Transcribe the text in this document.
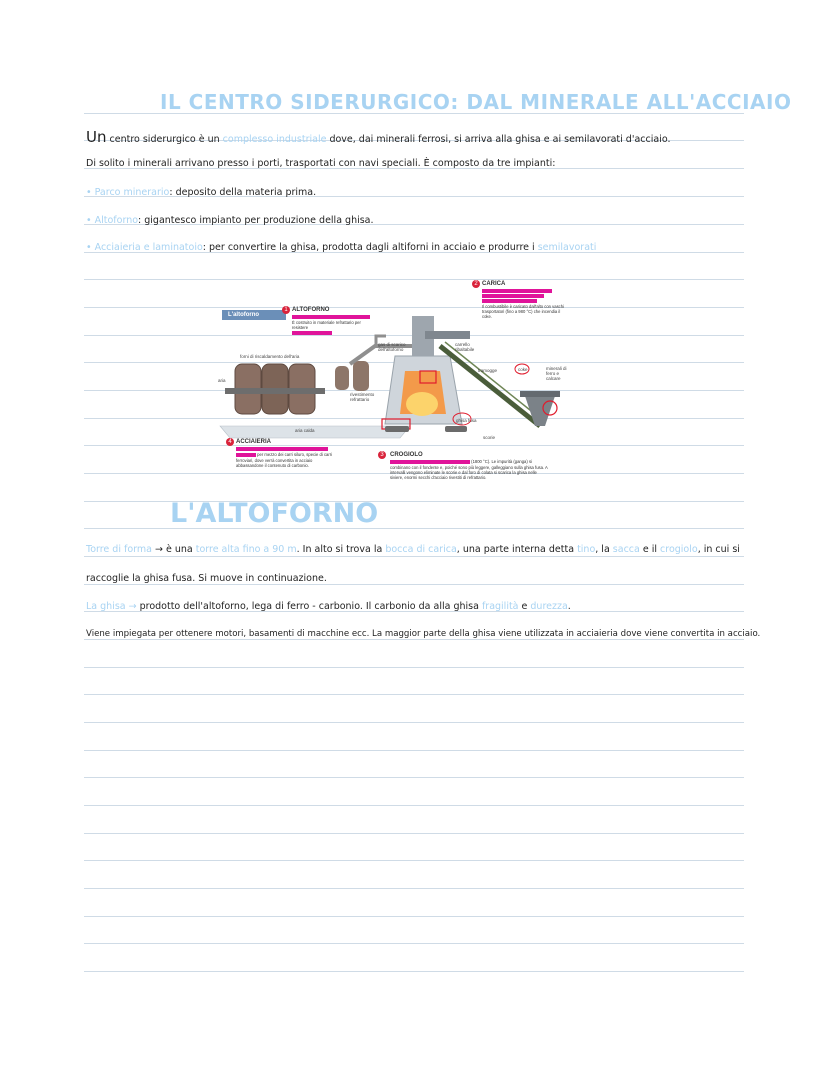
IL CENTRO SIDERURGICO: DAL MINERALE ALL'ACCIAIO
Un centro siderurgico è un complesso industriale dove, dai minerali ferrosi, si arriva alla ghisa e ai semilavorati d'acciaio.
Di solito i minerali arrivano presso i porti, trasportati con navi speciali. È composto da tre impianti:
• Parco minerario: deposito della materia prima.
• Altoforno: gigantesco impianto per produzione della ghisa.
• Acciaieria e laminatoio: per convertire la ghisa, prodotta dagli altiforni in acciaio e produrre i semilavorati
L'altoforno
1 ALTOFORNO
È costruito in materiale refrattario per resistere
2 CARICA
Il combustibile è caricato dall'alto con vaschi trasportatori (fino a 980 °C) che incendia il coke.
3	CROGIOLO
(1800 °C). Le impurità (ganga) si combinano con il fondente e, poiché sono più leggere, galleggiano sulla ghisa fusa. A intervalli vengono eliminate le scorie e dal foro di colata si scarica la ghisa nelle siviere, enormi secchi d'acciaio rivestiti di refrattario.
4 ACCIAIERIA
per mezzo dei carri siluro, specie di carri ferroviari, dove verrà convertita in acciaio abbassandone il contenuto di carbonio.
forni di riscaldamento dell'aria
aria
aria calda
gas di scarico dell'altoforno
carrello ribaltabile
tramogge	coke	minerali di ferro e calcare
rivestimento refrattario
scorie
ghisa fusa
L'ALTOFORNO
Torre di forma → è una torre alta fino a 90 m. In alto si trova la bocca di carica, una parte interna detta tino, la sacca e il crogiolo, in cui si
raccoglie la ghisa fusa. Si muove in continuazione.
La ghisa → prodotto dell'altoforno, lega di ferro - carbonio. Il carbonio da alla ghisa fragilità e durezza.
Viene impiegata per ottenere motori, basamenti di macchine ecc. La maggior parte della ghisa viene utilizzata in acciaieria dove viene convertita in acciaio.
